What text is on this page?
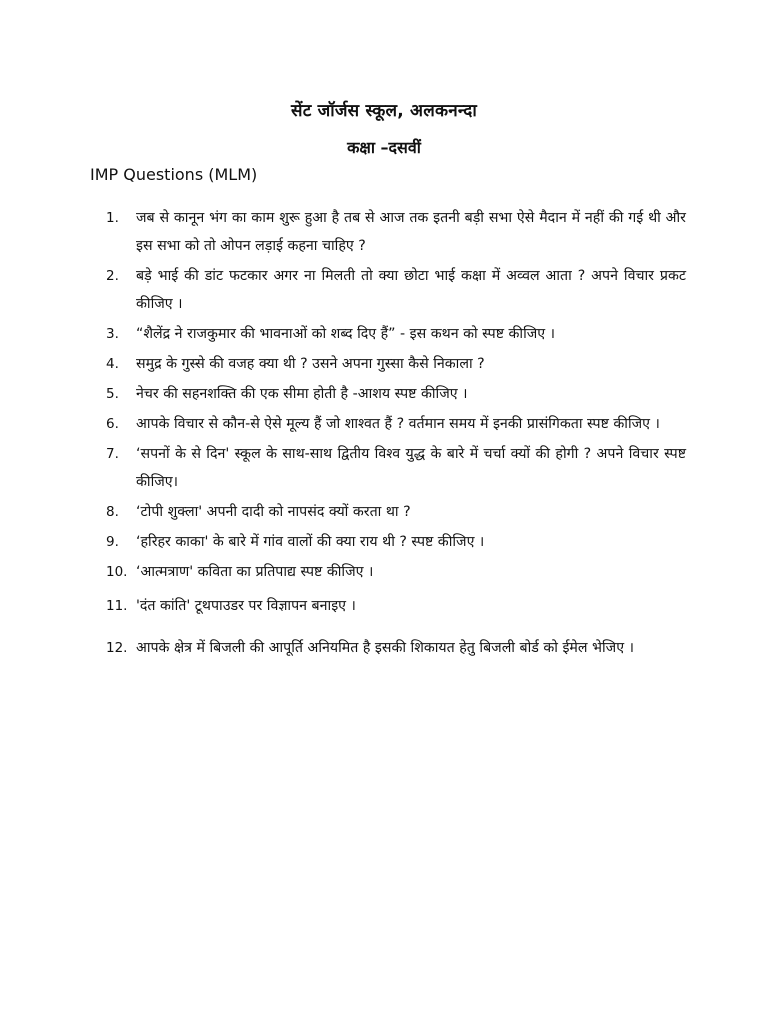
सेंट जॉर्जस स्कूल, अलकनन्दा
कक्षा –दसवीं
IMP Questions (MLM)
1.	जब से कानून भंग का काम शुरू हुआ है तब से आज तक इतनी बड़ी सभा ऐसे मैदान में नहीं की गई थी और इस सभा को तो ओपन लड़ाई कहना चाहिए ?
2.	बड़े भाई की डांट फटकार अगर ना मिलती तो क्या छोटा भाई कक्षा में अव्वल आता ? अपने विचार प्रकट कीजिए ।
3.	“शैलेंद्र ने राजकुमार की भावनाओं को शब्द दिए हैं” - इस कथन को स्पष्ट कीजिए ।
4.	समुद्र के गुस्से की वजह क्या थी ? उसने अपना गुस्सा कैसे निकाला ?
5.	नेचर की सहनशक्ति की एक सीमा होती है -आशय स्पष्ट कीजिए ।
6.	आपके विचार से कौन-से ऐसे मूल्य हैं जो शाश्वत हैं ? वर्तमान समय में इनकी प्रासंगिकता स्पष्ट कीजिए ।
7.	‘सपनों के से दिन' स्कूल के साथ-साथ द्वितीय विश्व युद्ध के बारे में चर्चा क्यों की होगी ? अपने विचार स्पष्ट कीजिए।
8.	‘टोपी शुक्ला' अपनी दादी को नापसंद क्यों करता था ?
9.	‘हरिहर काका' के बारे में गांव वालों की क्या राय थी ? स्पष्ट कीजिए ।
10. ‘आत्मत्राण' कविता का प्रतिपाद्य स्पष्ट कीजिए ।
11. 'दंत कांति' टूथपाउडर पर विज्ञापन बनाइए ।
12. आपके क्षेत्र में बिजली की आपूर्ति अनियमित है इसकी शिकायत हेतु बिजली बोर्ड को ईमेल भेजिए ।
